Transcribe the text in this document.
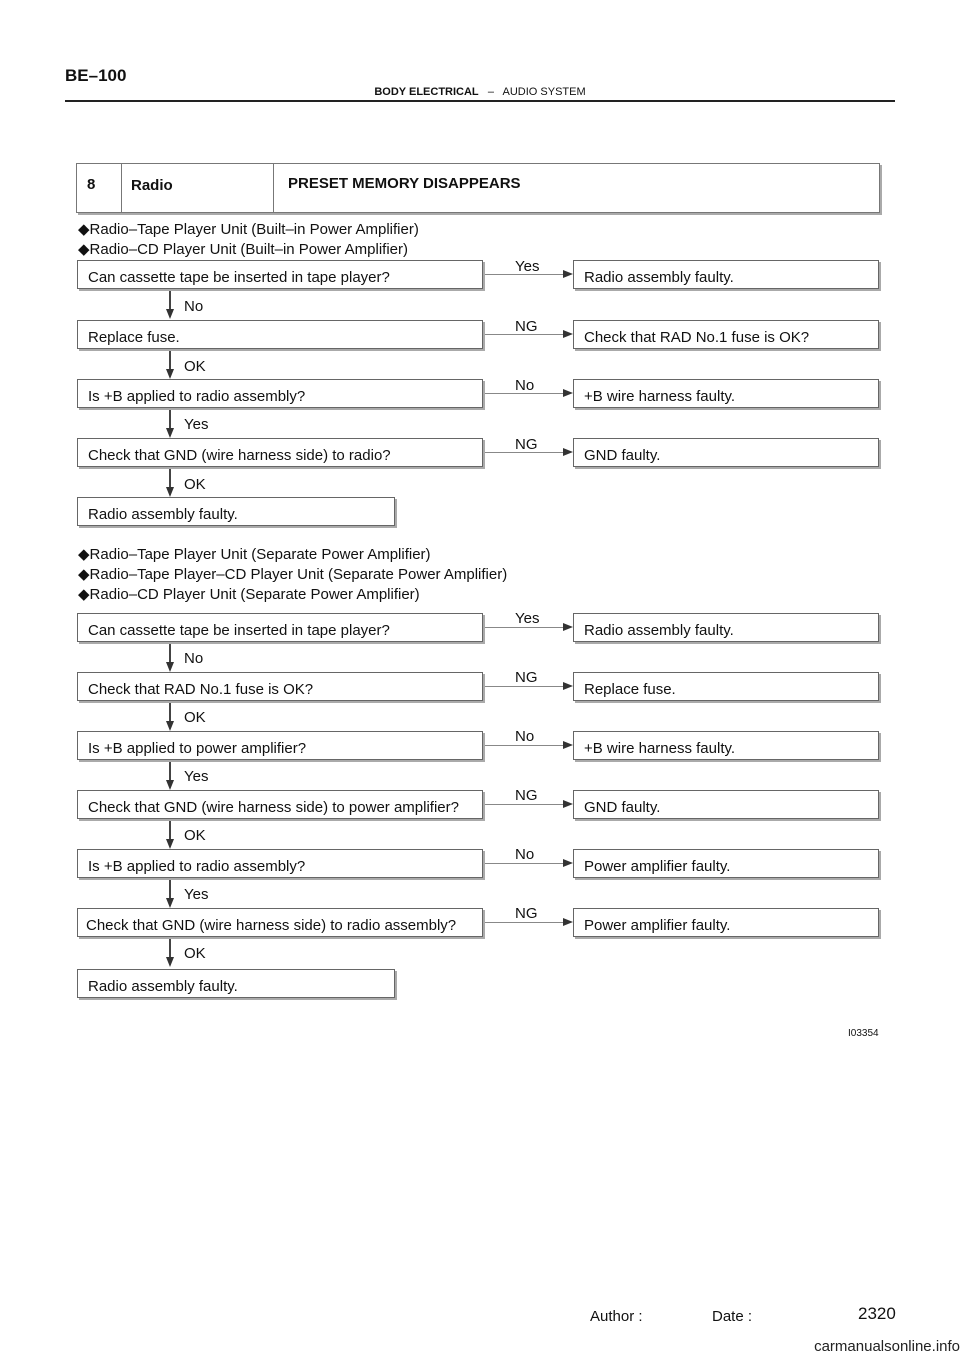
BE–100
BODY ELECTRICAL – AUDIO SYSTEM
8 Radio	PRESET MEMORY DISAPPEARS
◆Radio–Tape Player Unit (Built–in Power Amplifier)
◆Radio–CD Player Unit (Built–in Power Amplifier)
Can cassette tape be inserted in tape player?
Yes
Radio assembly faulty.
No
Replace fuse.
NG
Check that RAD No.1 fuse is OK?
OK
Is +B applied to radio assembly?
No
+B wire harness faulty.
Yes
Check that GND (wire harness side) to radio?
NG
GND faulty.
OK
Radio assembly faulty.
◆Radio–Tape Player Unit (Separate Power Amplifier)
◆Radio–Tape Player–CD Player Unit (Separate Power Amplifier)
◆Radio–CD Player Unit (Separate Power Amplifier)
Can cassette tape be inserted in tape player?
Yes
Radio assembly faulty.
No
Check that RAD No.1 fuse is OK?
NG
Replace fuse.
OK
Is +B applied to power amplifier?
No
+B wire harness faulty.
Yes
Check that GND (wire harness side) to power amplifier?
NG
GND faulty.
OK
Is +B applied to radio assembly?
No
Power amplifier faulty.
Yes
Check that GND (wire harness side) to radio assembly?
NG
Power amplifier faulty.
OK
Radio assembly faulty.
I03354
Author :	Date :	2320
carmanualsonline.info
